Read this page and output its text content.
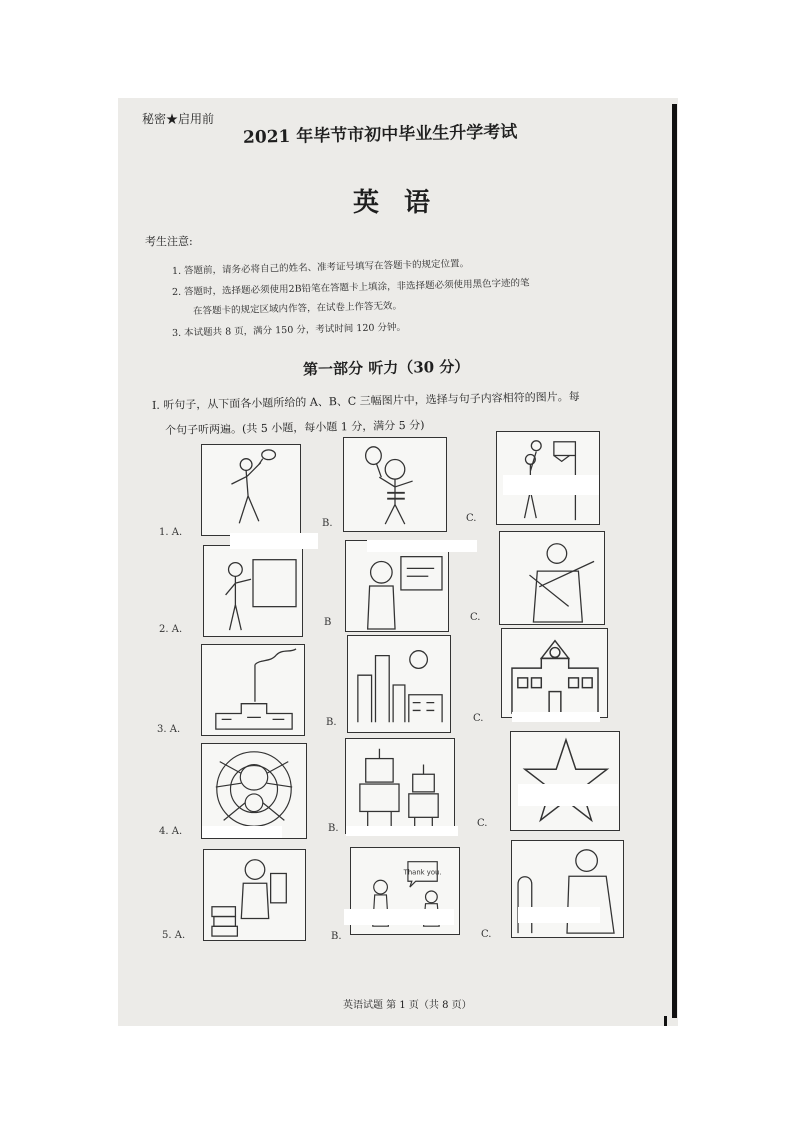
秘密★启用前
2021 年毕节市初中毕业生升学考试
英 语
考生注意:
1. 答题前，请务必将自己的姓名、准考证号填写在答题卡的规定位置。
2. 答题时，选择题必须使用2B铅笔在答题卡上填涂，非选择题必须使用黑色字迹的笔
在答题卡的规定区域内作答，在试卷上作答无效。
3. 本试题共 8 页，满分 150 分，考试时间 120 分钟。
第一部分 听力（30 分）
I. 听句子，从下面各小题所给的 A、B、C 三幅图片中，选择与句子内容相符的图片。每
个句子听两遍。(共 5 小题，每小题 1 分，满分 5 分)
1. A.
B.	C.
2. A.
B	C.
3. A.
B.	C.
4. A.	B.	C.
5. A.	B.	C.
Thank you.
英语试题 第 1 页（共 8 页）
